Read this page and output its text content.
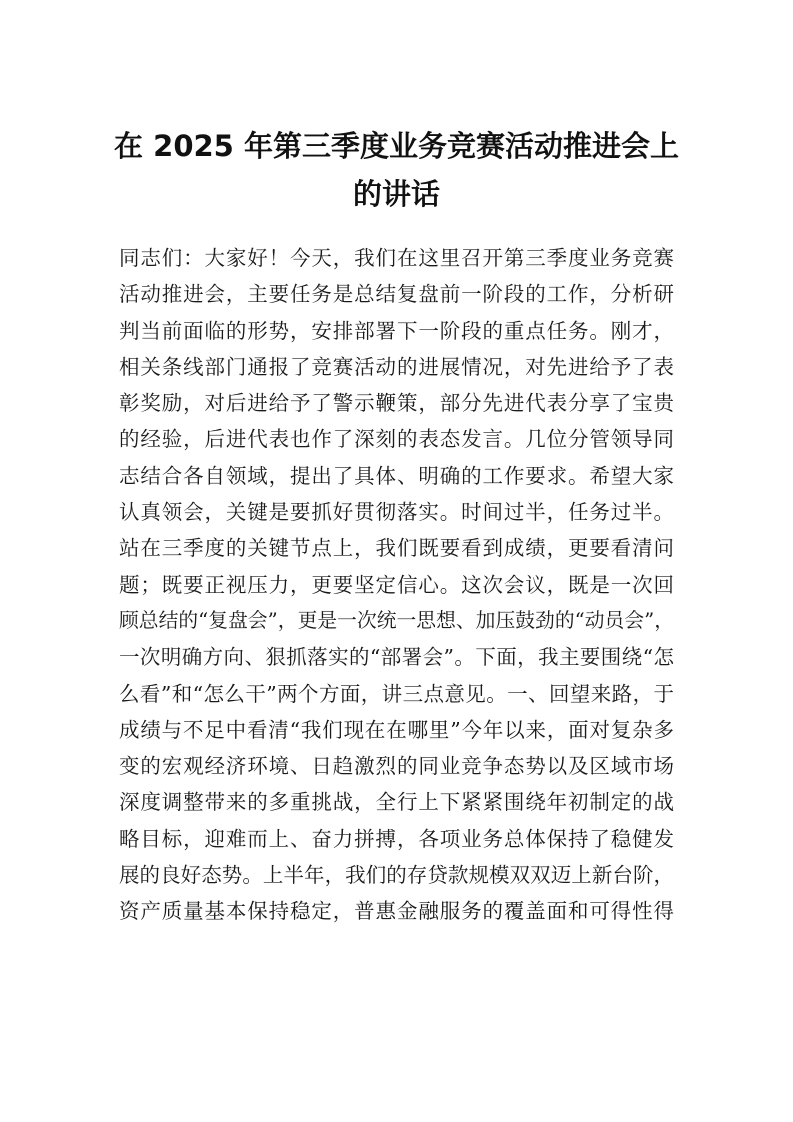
在 2025 年第三季度业务竞赛活动推进会上
的讲话
同志们：大家好！今天，我们在这里召开第三季度业务竞赛
活动推进会，主要任务是总结复盘前一阶段的工作，分析研
判当前面临的形势，安排部署下一阶段的重点任务。刚才，
相关条线部门通报了竞赛活动的进展情况，对先进给予了表
彰奖励，对后进给予了警示鞭策，部分先进代表分享了宝贵
的经验，后进代表也作了深刻的表态发言。几位分管领导同
志结合各自领域，提出了具体、明确的工作要求。希望大家
认真领会，关键是要抓好贯彻落实。时间过半，任务过半。
站在三季度的关键节点上，我们既要看到成绩，更要看清问
题；既要正视压力，更要坚定信心。这次会议，既是一次回
顾总结的“复盘会”，更是一次统一思想、加压鼓劲的“动员会”，
一次明确方向、狠抓落实的“部署会”。下面，我主要围绕“怎
么看”和“怎么干”两个方面，讲三点意见。一、回望来路，于
成绩与不足中看清“我们现在在哪里”今年以来，面对复杂多
变的宏观经济环境、日趋激烈的同业竞争态势以及区域市场
深度调整带来的多重挑战，全行上下紧紧围绕年初制定的战
略目标，迎难而上、奋力拼搏，各项业务总体保持了稳健发
展的良好态势。上半年，我们的存贷款规模双双迈上新台阶，
资产质量基本保持稳定，普惠金融服务的覆盖面和可得性得
